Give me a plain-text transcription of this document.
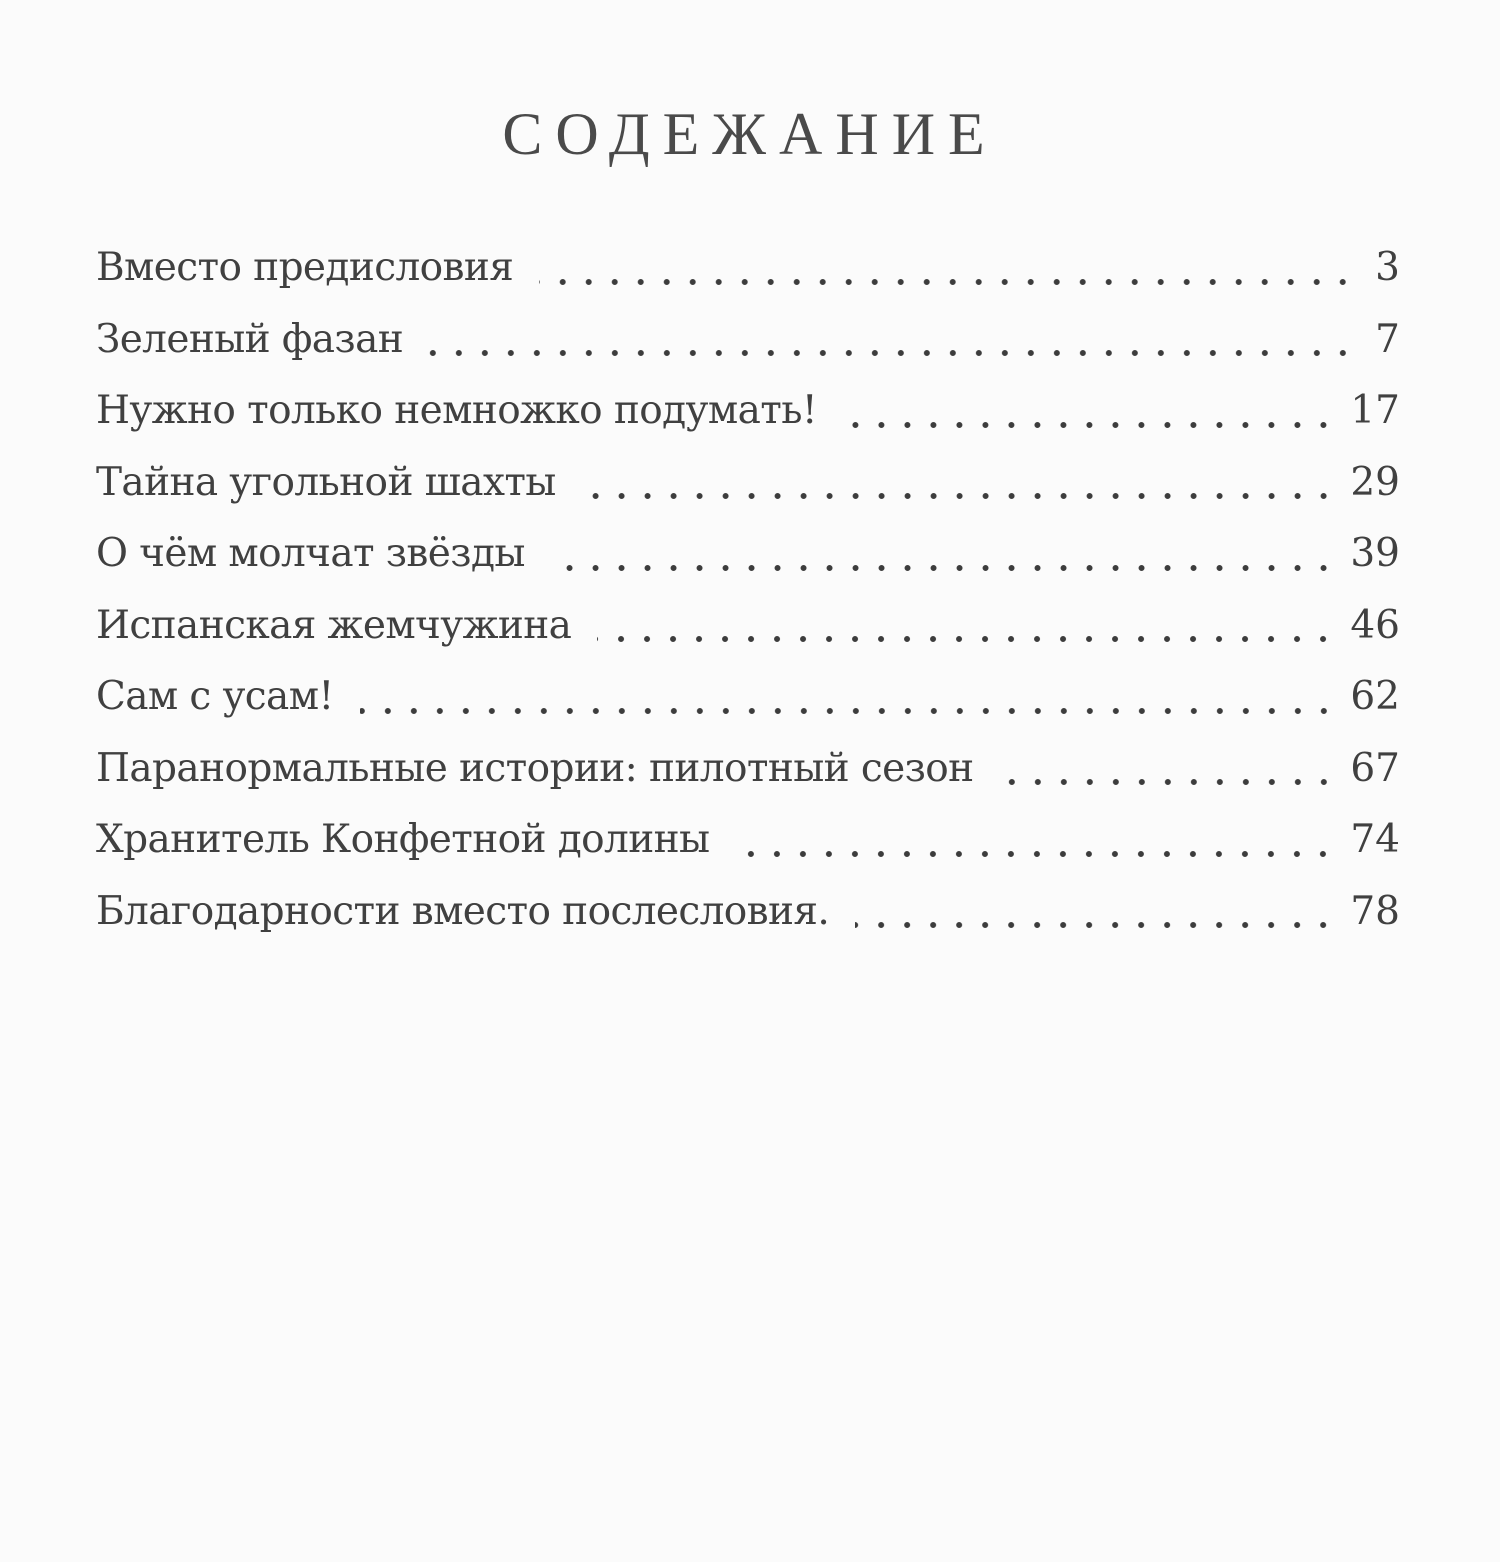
СОДЕЖАНИЕ
Вместо предисловия	3
Зеленый фазан	7
Нужно только немножко подумать!	17
Тайна угольной шахты	29
О чём молчат звёзды	39
Испанская жемчужина	46
Сам с усам!	62
Паранормальные истории: пилотный сезон	67
Хранитель Конфетной долины	74
Благодарности вместо послесловия.	78
